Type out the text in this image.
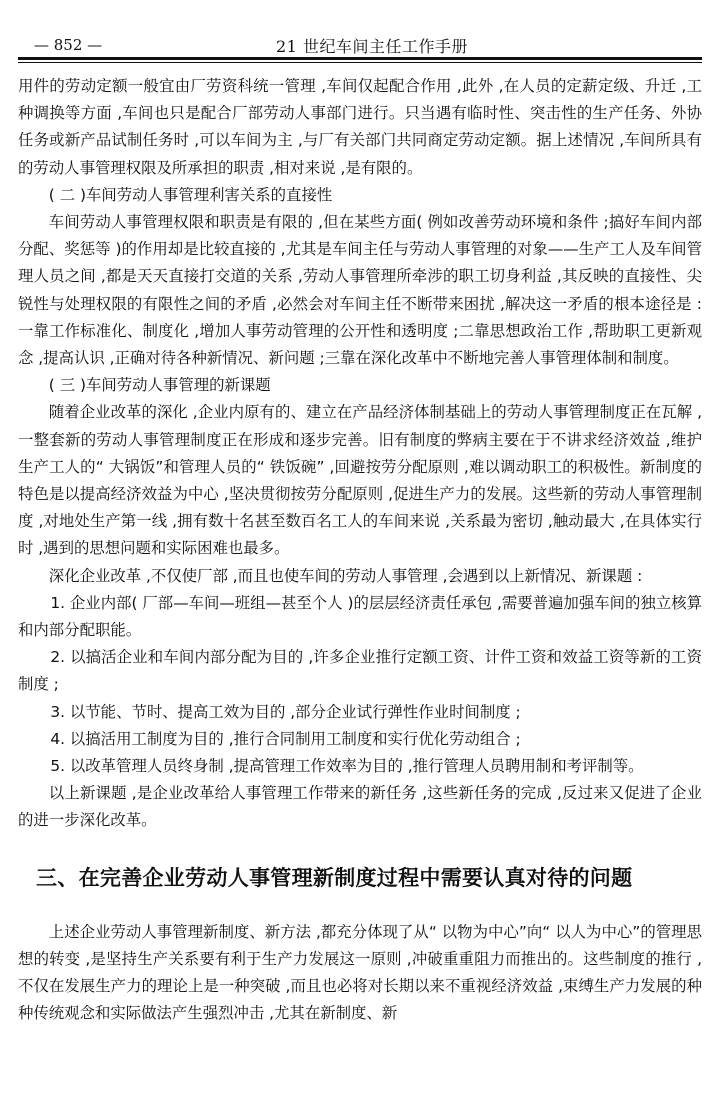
— 852 —	21 世纪车间主任工作手册

用件的劳动定额一般宜由厂劳资科统一管理 ,车间仅起配合作用 ,此外 ,在人员的定薪定级、升迁 ,工种调换等方面 ,车间也只是配合厂部劳动人事部门进行。只当遇有临时性、突击性的生产任务、外协任务或新产品试制任务时 ,可以车间为主 ,与厂有关部门共同商定劳动定额。据上述情况 ,车间所具有的劳动人事管理权限及所承担的职责 ,相对来说 ,是有限的。

( 二 )车间劳动人事管理利害关系的直接性

车间劳动人事管理权限和职责是有限的 ,但在某些方面( 例如改善劳动环境和条件 ;搞好车间内部分配、奖惩等 )的作用却是比较直接的 ,尤其是车间主任与劳动人事管理的对象——生产工人及车间管理人员之间 ,都是天天直接打交道的关系 ,劳动人事管理所牵涉的职工切身利益 ,其反映的直接性、尖锐性与处理权限的有限性之间的矛盾 ,必然会对车间主任不断带来困扰 ,解决这一矛盾的根本途径是 :一靠工作标准化、制度化 ,增加人事劳动管理的公开性和透明度 ;二靠思想政治工作 ,帮助职工更新观念 ,提高认识 ,正确对待各种新情况、新问题 ;三靠在深化改革中不断地完善人事管理体制和制度。

( 三 )车间劳动人事管理的新课题

随着企业改革的深化 ,企业内原有的、建立在产品经济体制基础上的劳动人事管理制度正在瓦解 ,一整套新的劳动人事管理制度正在形成和逐步完善。旧有制度的弊病主要在于不讲求经济效益 ,维护生产工人的“ 大锅饭”和管理人员的“ 铁饭碗” ,回避按劳分配原则 ,难以调动职工的积极性。新制度的特色是以提高经济效益为中心 ,坚决贯彻按劳分配原则 ,促进生产力的发展。这些新的劳动人事管理制度 ,对地处生产第一线 ,拥有数十名甚至数百名工人的车间来说 ,关系最为密切 ,触动最大 ,在具体实行时 ,遇到的思想问题和实际困难也最多。

深化企业改革 ,不仅使厂部 ,而且也使车间的劳动人事管理 ,会遇到以上新情况、新课题 :

1. 企业内部( 厂部—车间—班组—甚至个人 )的层层经济责任承包 ,需要普遍加强车间的独立核算和内部分配职能。

2. 以搞活企业和车间内部分配为目的 ,许多企业推行定额工资、计件工资和效益工资等新的工资制度 ;

3. 以节能、节时、提高工效为目的 ,部分企业试行弹性作业时间制度 ;

4. 以搞活用工制度为目的 ,推行合同制用工制度和实行优化劳动组合 ;

5. 以改革管理人员终身制 ,提高管理工作效率为目的 ,推行管理人员聘用制和考评制等。

以上新课题 ,是企业改革给人事管理工作带来的新任务 ,这些新任务的完成 ,反过来又促进了企业的进一步深化改革。

三、在完善企业劳动人事管理新制度过程中需要认真对待的问题

上述企业劳动人事管理新制度、新方法 ,都充分体现了从“ 以物为中心”向“ 以人为中心”的管理思想的转变 ,是坚持生产关系要有利于生产力发展这一原则 ,冲破重重阻力而推出的。这些制度的推行 ,不仅在发展生产力的理论上是一种突破 ,而且也必将对长期以来不重视经济效益 ,束缚生产力发展的种种传统观念和实际做法产生强烈冲击 ,尤其在新制度、新
